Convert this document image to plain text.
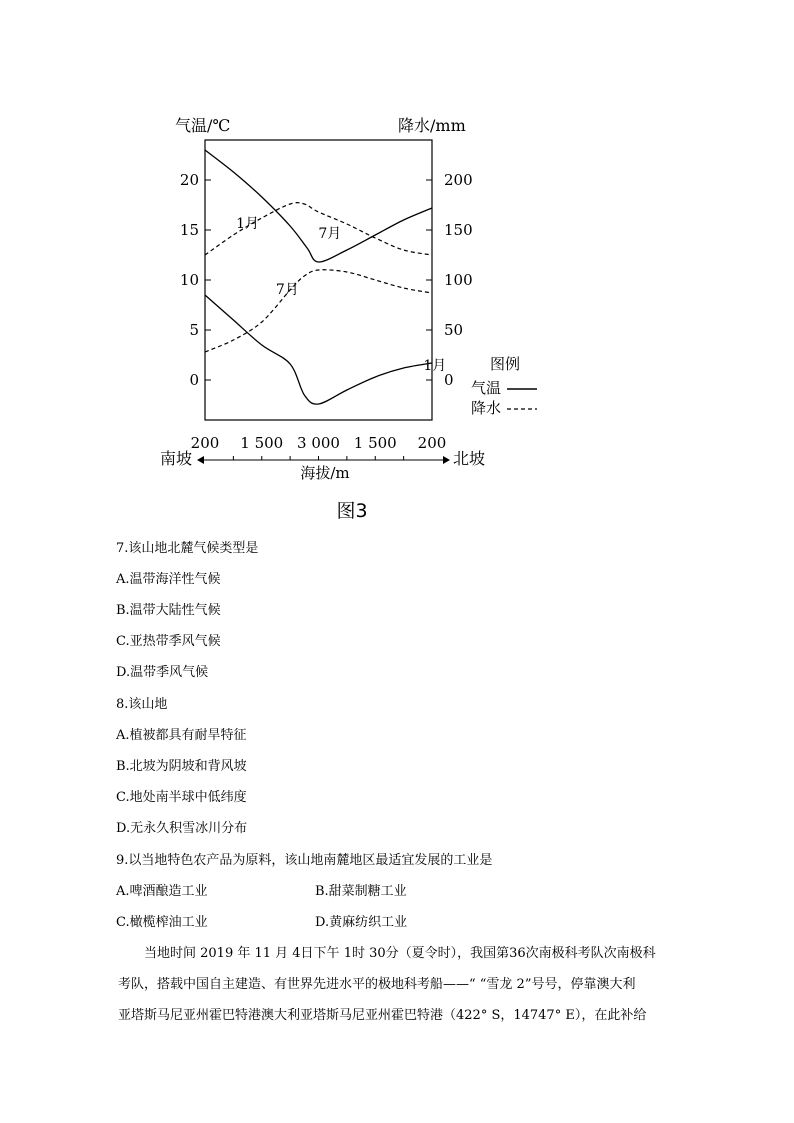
0
5
10
15
20
0
50
100
150
200
气温/℃	降水/mm
200 1 500 3 000 1 500 200
南坡	北坡
海拔/m
1月
7月
1月
7月
图例
气温
降水
图3
7.该山地北麓气候类型是
A.温带海洋性气候
B.温带大陆性气候
C.亚热带季风气候
D.温带季风气候
8.该山地
A.植被都具有耐旱特征
B.北坡为阴坡和背风坡
C.地处南半球中低纬度
D.无永久积雪冰川分布
9.以当地特色农产品为原料，该山地南麓地区最适宜发展的工业是
A.啤酒酿造工业	B.甜菜制糖工业
C.橄榄榨油工业	D.黄麻纺织工业

当地时间 2019 年 11 月 4日下午 1时 30分（夏令时），我国第36次南极科考队次南极科

考队，搭载中国自主建造、有世界先进水平的极地科考船——“ “雪龙 2”号号，停靠澳大利

亚塔斯马尼亚州霍巴特港澳大利亚塔斯马尼亚州霍巴特港（422° S，14747° E），在此补给
